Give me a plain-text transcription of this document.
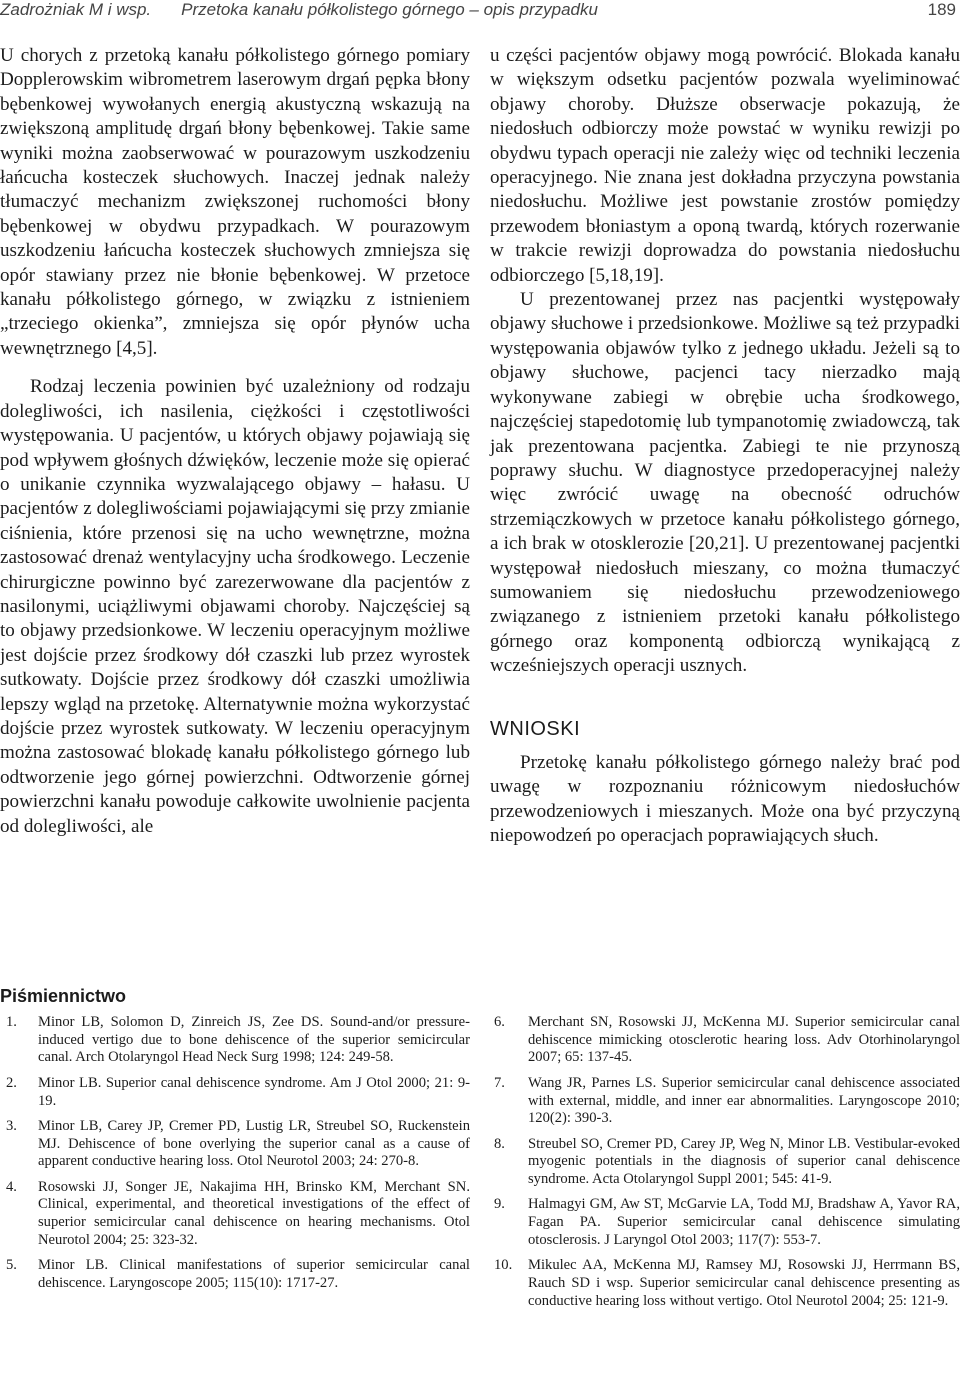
Zadrożniak M i wsp. Przetoka kanału półkolistego górnego – opis przypadku	189

U chorych z przetoką kanału półkolistego górnego pomiary Dopplerowskim wibrometrem laserowym drgań pępka błony bębenkowej wywołanych energią akustyczną wskazują na zwiększoną amplitudę drgań błony bębenkowej. Takie same wyniki można zaobserwować w pourazowym uszkodzeniu łańcucha kosteczek słuchowych. Inaczej jednak należy tłumaczyć mechanizm zwiększonej ruchomości błony bębenkowej w obydwu przypadkach. W pourazowym uszkodzeniu łańcucha kosteczek słuchowych zmniejsza się opór stawiany przez nie błonie bębenkowej. W przetoce kanału półkolistego górnego, w związku z istnieniem „trzeciego okienka”, zmniejsza się opór płynów ucha wewnętrznego [4,5].

Rodzaj leczenia powinien być uzależniony od rodzaju dolegliwości, ich nasilenia, ciężkości i częstotliwości występowania. U pacjentów, u których objawy pojawiają się pod wpływem głośnych dźwięków, leczenie może się opierać o unikanie czynnika wyzwalającego objawy – hałasu. U pacjentów z dolegliwościami pojawiającymi się przy zmianie ciśnienia, które przenosi się na ucho wewnętrzne, można zastosować drenaż wentylacyjny ucha środkowego. Leczenie chirurgiczne powinno być zarezerwowane dla pacjentów z nasilonymi, uciążliwymi objawami choroby. Najczęściej są to objawy przedsionkowe. W leczeniu operacyjnym możliwe jest dojście przez środkowy dół czaszki lub przez wyrostek sutkowaty. Dojście przez środkowy dół czaszki umożliwia lepszy wgląd na przetokę. Alternatywnie można wykorzystać dojście przez wyrostek sutkowaty. W leczeniu operacyjnym można zastosować blokadę kanału półkolistego górnego lub odtworzenie jego górnej powierzchni. Odtworzenie górnej powierzchni kanału powoduje całkowite uwolnienie pacjenta od dolegliwości, ale

u części pacjentów objawy mogą powrócić. Blokada kanału w większym odsetku pacjentów pozwala wyeliminować objawy choroby. Dłuższe obserwacje pokazują, że niedosłuch odbiorczy może powstać w wyniku rewizji po obydwu typach operacji nie zależy więc od techniki leczenia operacyjnego. Nie znana jest dokładna przyczyna powstania niedosłuchu. Możliwe jest powstanie zrostów pomiędzy przewodem błoniastym a oponą twardą, których rozerwanie w trakcie rewizji doprowadza do powstania niedosłuchu odbiorczego [5,18,19].

U prezentowanej przez nas pacjentki występowały objawy słuchowe i przedsionkowe. Możliwe są też przypadki występowania objawów tylko z jednego układu. Jeżeli są to objawy słuchowe, pacjenci tacy nierzadko mają wykonywane zabiegi w obrębie ucha środkowego, najczęściej stapedotomię lub tympanotomię zwiadowczą, tak jak prezentowana pacjentka. Zabiegi te nie przynoszą poprawy słuchu. W diagnostyce przedoperacyjnej należy więc zwrócić uwagę na obecność odruchów strzemiączkowych w przetoce kanału półkolistego górnego, a ich brak w otosklerozie [20,21]. U prezentowanej pacjentki występował niedosłuch mieszany, co można tłumaczyć sumowaniem się niedosłuchu przewodzeniowego związanego z istnieniem przetoki kanału półkolistego górnego oraz komponentą odbiorczą wynikającą z wcześniejszych operacji usznych.

WNIOSKI

Przetokę kanału półkolistego górnego należy brać pod uwagę w rozpoznaniu różnicowym niedosłuchów przewodzeniowych i mieszanych. Może ona być przyczyną niepowodzeń po operacjach poprawiających słuch.

Piśmiennictwo
1.	Minor LB, Solomon D, Zinreich JS, Zee DS. Sound-and/or pressure-induced vertigo due to bone dehiscence of the superior semicircular canal. Arch Otolaryngol Head Neck Surg 1998; 124: 249-58.
2.	Minor LB. Superior canal dehiscence syndrome. Am J Otol 2000; 21: 9-19.
3.	Minor LB, Carey JP, Cremer PD, Lustig LR, Streubel SO, Ruckenstein MJ. Dehiscence of bone overlying the superior canal as a cause of apparent conductive hearing loss. Otol Neurotol 2003; 24: 270-8.
4.	Rosowski JJ, Songer JE, Nakajima HH, Brinsko KM, Merchant SN. Clinical, experimental, and theoretical investigations of the effect of superior semicircular canal dehiscence on hearing mechanisms. Otol Neurotol 2004; 25: 323-32.
5.	Minor LB. Clinical manifestations of superior semicircular canal dehiscence. Laryngoscope 2005; 115(10): 1717-27.
6.	Merchant SN, Rosowski JJ, McKenna MJ. Superior semicircular canal dehiscence mimicking otosclerotic hearing loss. Adv Otorhinolaryngol 2007; 65: 137-45.
7.	Wang JR, Parnes LS. Superior semicircular canal dehiscence associated with external, middle, and inner ear abnormalities. Laryngoscope 2010; 120(2): 390-3.
8.	Streubel SO, Cremer PD, Carey JP, Weg N, Minor LB. Vestibular-evoked myogenic potentials in the diagnosis of superior canal dehiscence syndrome. Acta Otolaryngol Suppl 2001; 545: 41-9.
9.	Halmagyi GM, Aw ST, McGarvie LA, Todd MJ, Bradshaw A, Yavor RA, Fagan PA. Superior semicircular canal dehiscence simulating otosclerosis. J Laryngol Otol 2003; 117(7): 553-7.
10.	Mikulec AA, McKenna MJ, Ramsey MJ, Rosowski JJ, Herrmann BS, Rauch SD i wsp. Superior semicircular canal dehiscence presenting as conductive hearing loss without vertigo. Otol Neurotol 2004; 25: 121-9.
